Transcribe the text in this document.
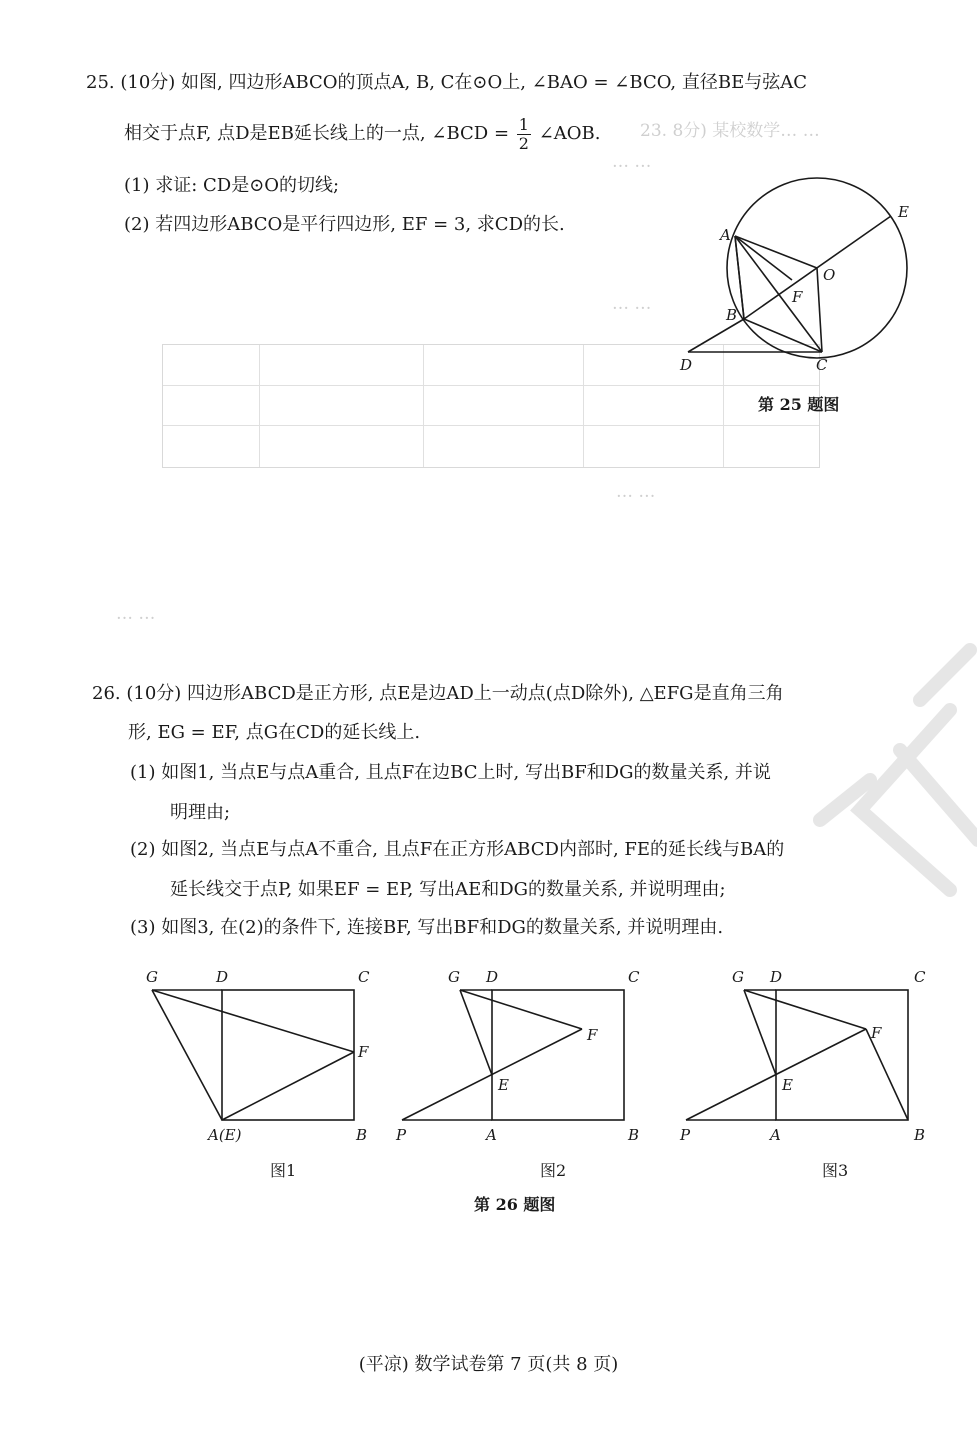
23. 8分) 某校数学… …
… …
… …
… …
… …
25. (10分) 如图, 四边形ABCO的顶点A, B, C在⊙O上, ∠BAO = ∠BCO, 直径BE与弦AC
相交于点F, 点D是EB延长线上的一点, ∠BCD = $\frac{1}{2}$ ∠AOB.
(1) 求证: CD是⊙O的切线;
(2) 若四边形ABCO是平行四边形, EF = 3, 求CD的长.	A
B
C
D
E
F
O
第 25 题图
26. (10分) 四边形ABCD是正方形, 点E是边AD上一动点(点D除外), △EFG是直角三角
形, EG = EF, 点G在CD的延长线上.
(1) 如图1, 当点E与点A重合, 且点F在边BC上时, 写出BF和DG的数量关系, 并说
明理由;
(2) 如图2, 当点E与点A不重合, 且点F在正方形ABCD内部时, FE的延长线与BA的
延长线交于点P, 如果EF = EP, 写出AE和DG的数量关系, 并说明理由;
(3) 如图3, 在(2)的条件下, 连接BF, 写出BF和DG的数量关系, 并说明理由.
G	D	C
F
A(E)	B
图1
G D	C
F
E
P	A	B
图2
G D	C
F
E
P	A	B
图3
第 26 题图
(平凉) 数学试卷第 7 页(共 8 页)
